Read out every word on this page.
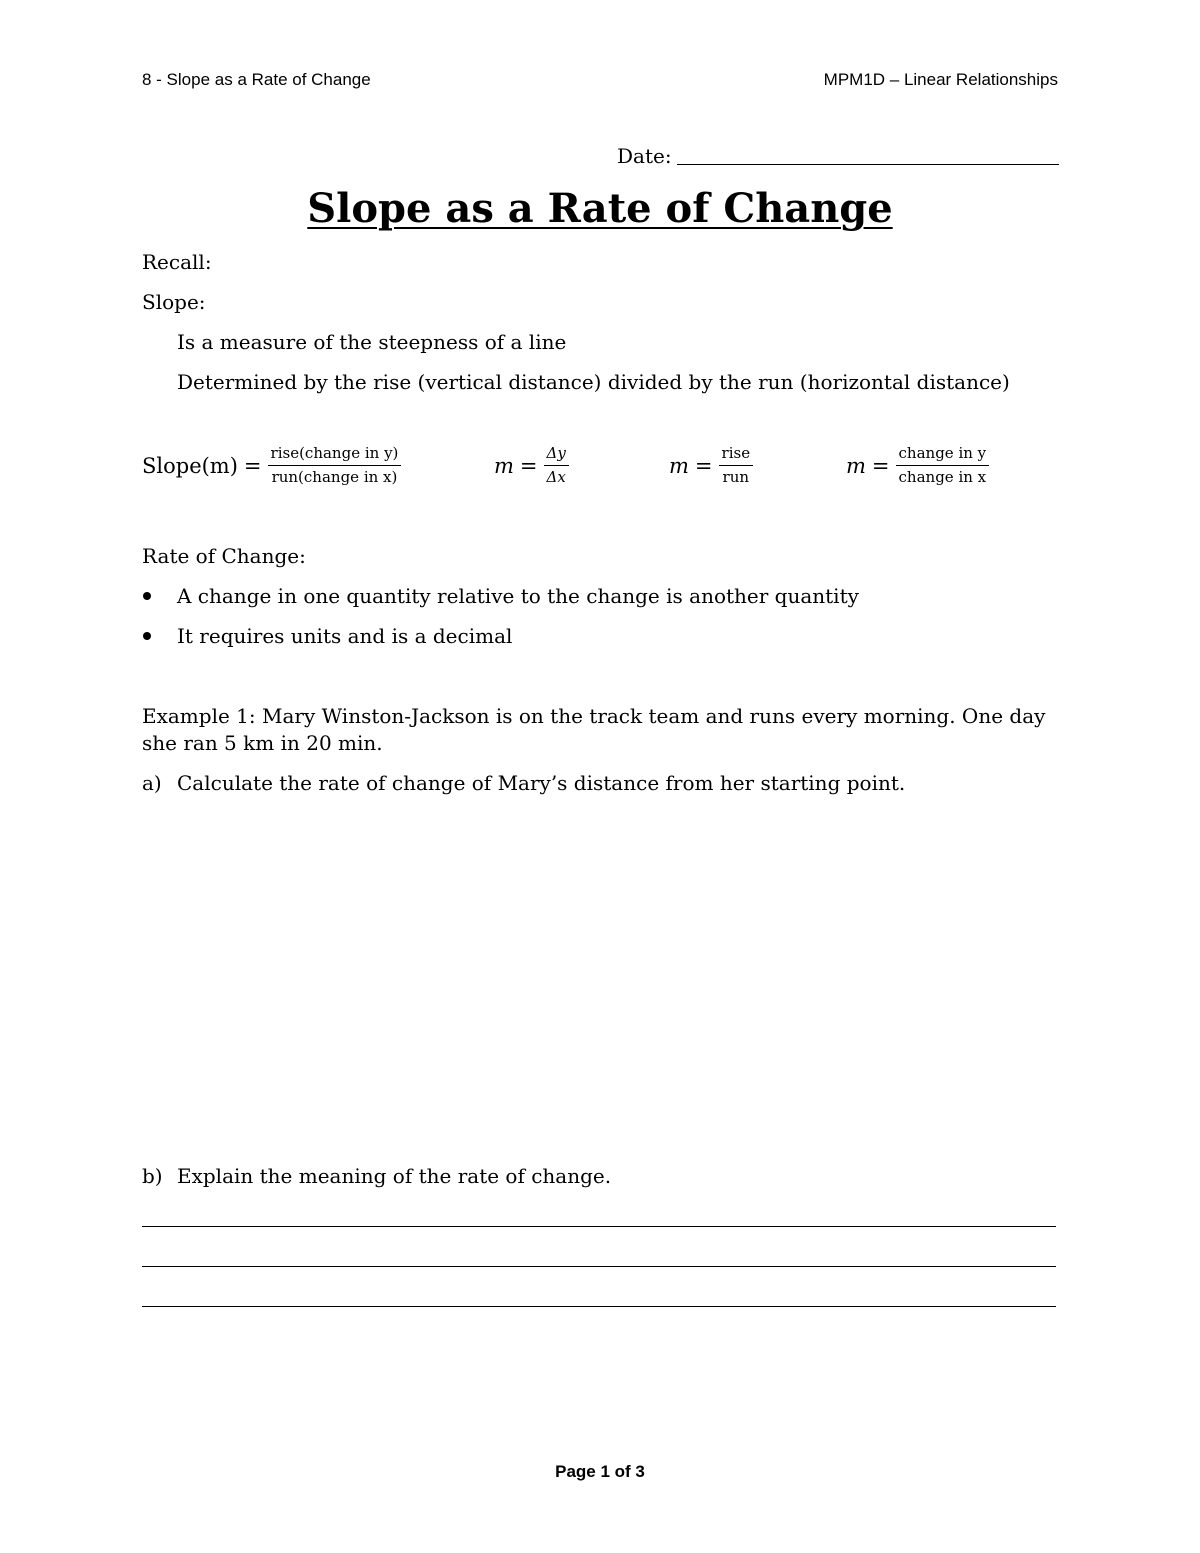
8 - Slope as a Rate of Change	MPM1D – Linear Relationships
Date:
Slope as a Rate of Change
Recall:
Slope:
Is a measure of the steepness of a line
Determined by the rise (vertical distance) divided by the run (horizontal distance)
Slope(m) = $\frac{\text{rise(change in y)}}{\text{run(change in x)}}$	$m = \frac{\Delta y}{\Delta x}$	$m = \frac{\text{rise}}{\text{run}}$	$m = \frac{\text{change in y}}{\text{change in x}}$
Rate of Change:
A change in one quantity relative to the change is another quantity
It requires units and is a decimal
Example 1: Mary Winston-Jackson is on the track team and runs every morning. One day
she ran 5 km in 20 min.
a) Calculate the rate of change of Mary’s distance from her starting point.
b) Explain the meaning of the rate of change.
Page 1 of 3
